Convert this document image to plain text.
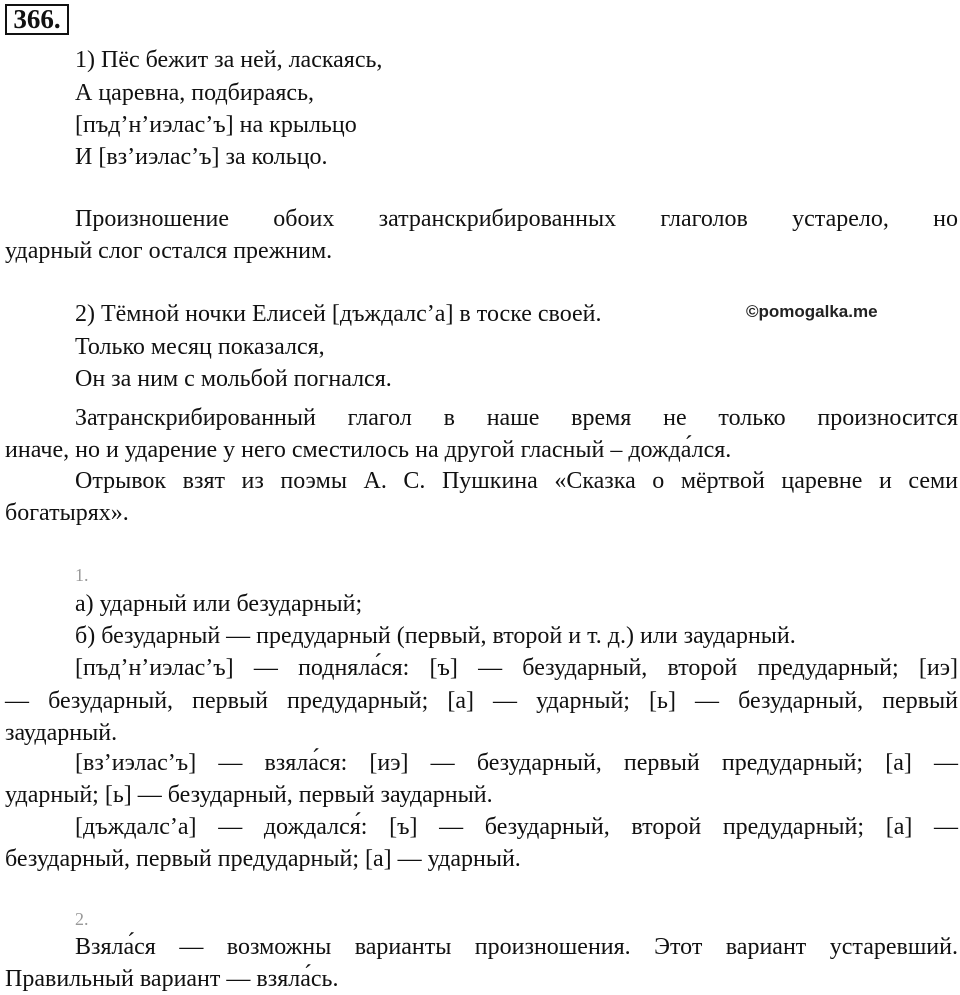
366.

1) Пёс бежит за ней, ласкаясь,

А царевна, подбираясь,

[пъд’н’иэлас’ъ] на крыльцо

И [вз’иэлас’ъ] за кольцо.

Произношение обоих затранскрибированных глаголов устарело, но

ударный слог остался прежним.

2) Тёмной ночки Елисей [дъждалс’а] в тоске своей.	©pomogalka.me

Только месяц показался,

Он за ним с мольбой погнался.

Затранскрибированный глагол в наше время не только произносится

иначе, но и ударение у него сместилось на другой гласный – дожда́лся.

Отрывок взят из поэмы А. С. Пушкина «Сказка о мёртвой царевне и семи

богатырях».

1.

а) ударный или безударный;

б) безударный — предударный (первый, второй и т. д.) или заударный.

[пъд’н’иэлас’ъ] — подняла́ся: [ъ] — безударный, второй предударный; [иэ]

— безударный, первый предударный; [а] — ударный; [ь] — безударный, первый

заударный.

[вз’иэлас’ъ] — взяла́ся: [иэ] — безударный, первый предударный; [а] —

ударный; [ь] — безударный, первый заударный.

[дъждалс’а] — дождался́: [ъ] — безударный, второй предударный; [а] —

безударный, первый предударный; [а] — ударный.

2.

Взяла́ся — возможны варианты произношения. Этот вариант устаревший.

Правильный вариант — взяла́сь.
